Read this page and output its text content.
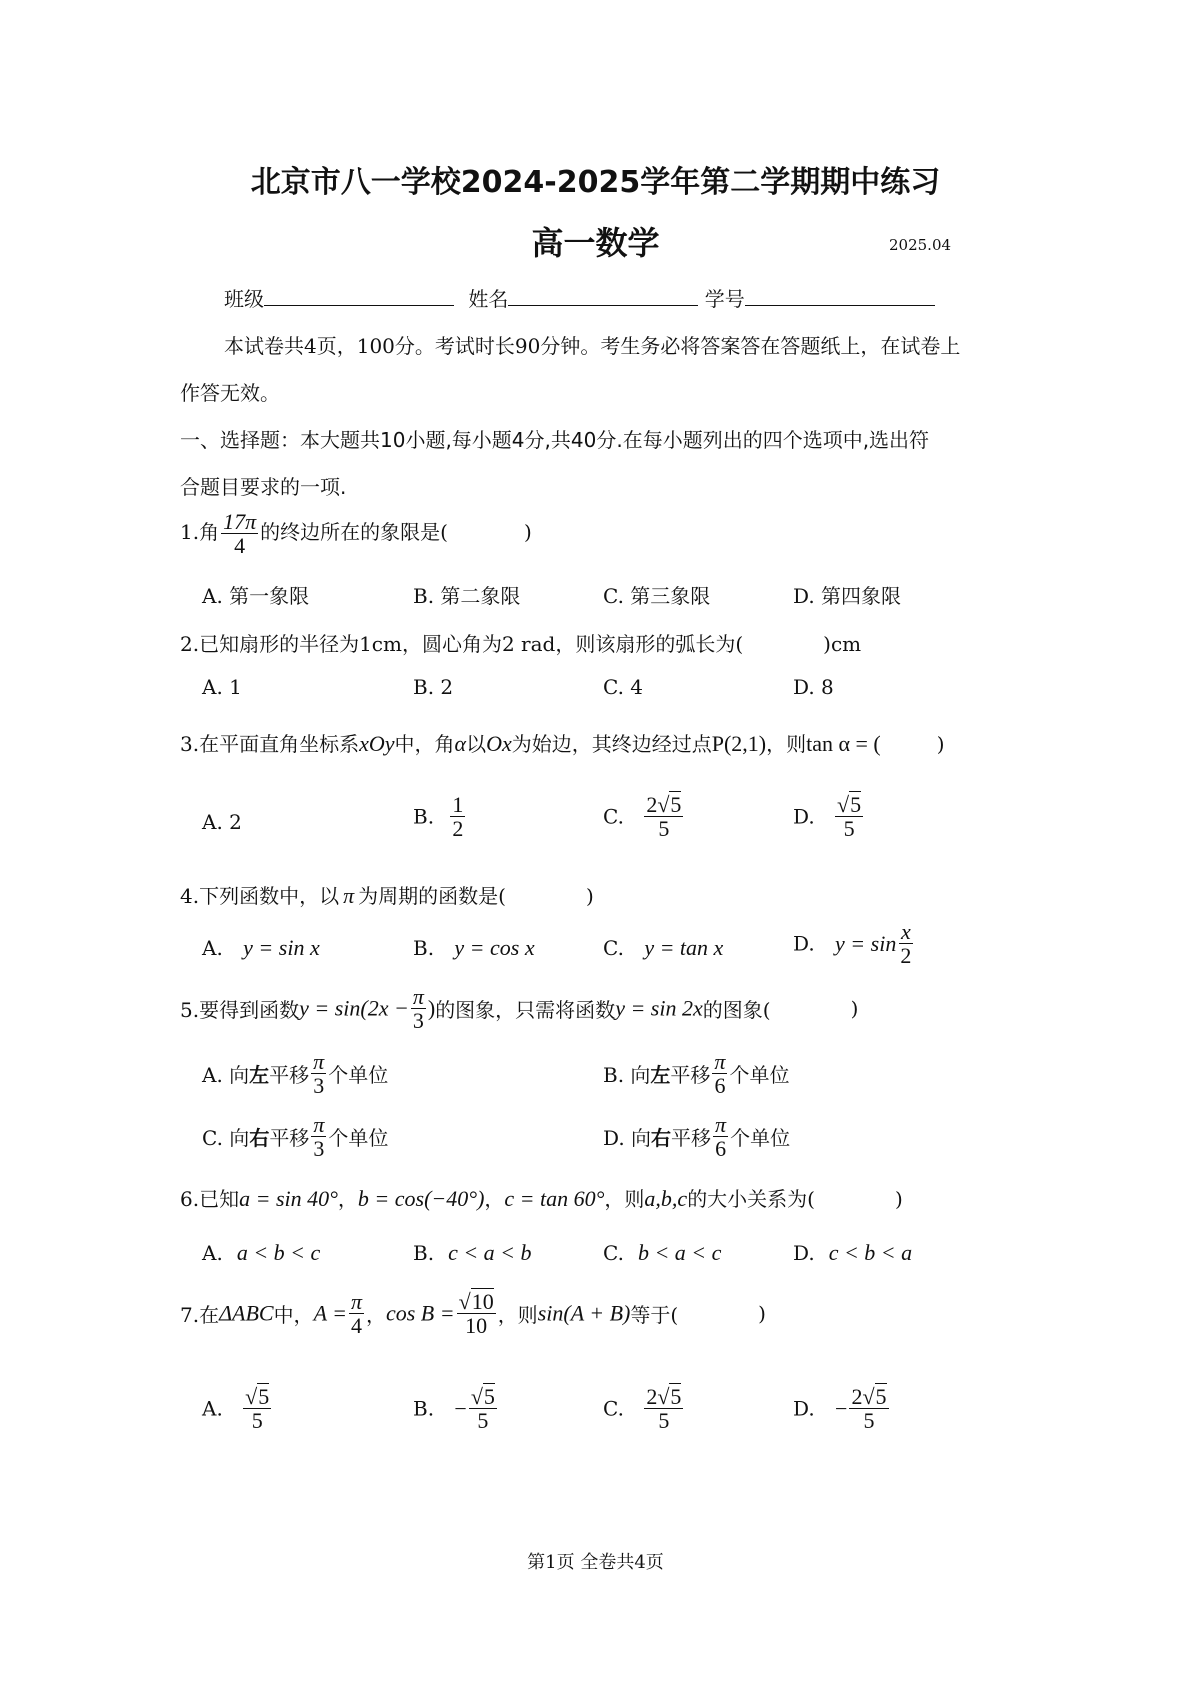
北京市八一学校2024-2025学年第二学期期中练习
高一数学	2025.04
班级	姓名	学号
本试卷共4页，100分。考试时长90分钟。考生务必将答案答在答题纸上，在试卷上
作答无效。
一、选择题：本大题共10小题,每小题4分,共40分.在每小题列出的四个选项中,选出符
合题目要求的一项.
1.角 $\frac{17\pi}{4}$ 的终边所在的象限是(	)
A. 第一象限	B. 第二象限	C. 第三象限	D. 第四象限
2.已知扇形的半径为1cm，圆心角为2 rad，则该扇形的弧长为(	)cm
A. 1	B. 2	C. 4	D. 8
3.在平面直角坐标系xOy中，角α以Ox为始边，其终边经过点P(2,1)，则tan α = (	)
A. 2	B. $\frac{1}{2}$	C. $\frac{2√5}{5}$	D. $\frac{√5}{5}$
4.下列函数中，以 π 为周期的函数是(	)
A. y = sin x	B. y = cos x	C. y = tan x	D. $y = \sin \frac{x}{2}$
5.要得到函数$y = \sin(2x - \frac{\pi}{3}$ )的图象，只需将函数y = sin 2x的图象(	)
A. 向左平移 $\frac{\pi}{3}$ 个单位	B. 向左平移 $\frac{\pi}{6}$ 个单位
C. 向右平移 $\frac{\pi}{3}$ 个单位	D. 向右平移 $\frac{\pi}{6}$ 个单位
6.已知a = sin 40°，b = cos(−40°)，c = tan 60°，则a,b,c的大小关系为(	)
A. a < b < c	B. c < a < b	C. b < a < c	D. c < b < a
7.在ΔABC中，$A = \frac{\pi}{4}$ ，$\cos B = \frac{√10}{10}$ ，则sin(A + B)等于(	)
A. $\frac{√5}{5}$	B. − $\frac{√5}{5}$	C. $\frac{2√5}{5}$	D. − $\frac{2√5}{5}$
第1页 全卷共4页
